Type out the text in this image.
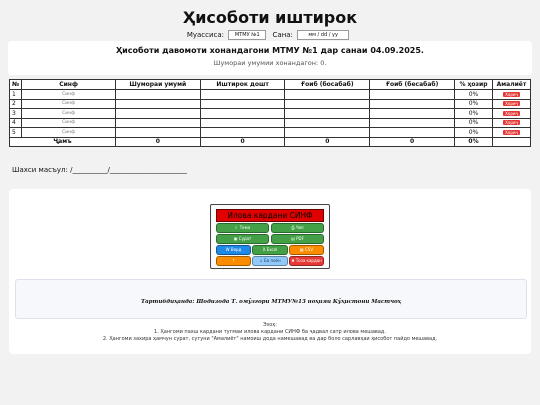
Ҳисоботи иштирок
Муассиса: МТМУ №1 Сана:	мм / dd / yy
Ҳисоботи давомоти хонандагони МТМУ №1 дар санаи 04.09.2025.
Шумораи умумии хонандагон: 0.
№	Синф	Шумораи умумӣ	Иштирок дошт	Ғоиб (босабаб)	Ғоиб (бесабаб)	% ҳозир	Амалиёт
1	Синф					0%	Хориҷ
2	Синф					0%	Хориҷ
3	Синф					0%	Хориҷ
4	Синф					0%	Хориҷ
5	Синф					0%	Хориҷ
Ҷамъ		0	0	0	0	0%	
Шахси масъул: /__________/______________________
Илова кардани СИНФ
☾ Тема	⎙ Чоп
▣ Сурат	▤ PDF
W Ворд	X Excel	▦ CSV
⇡	↓ Ба поён	✖ Тоза кардан
Тартибдиҳанда: Шодизода Т. омӯзгори МТМУ№13 ноҳияи Кӯҳистони Мастчоҳ
Эзоҳ:
1. Ҳангоми пахш кардани тугмаи илова кардани СИНФ ба ҷадвал сатр илова мешавад.
2. Ҳангоми захира ҳамчун сурат, сутуни "Амалиёт" намоиш дода намешавад ва дар боло сарлавҳаи ҳисобот пайдо мешавад.
